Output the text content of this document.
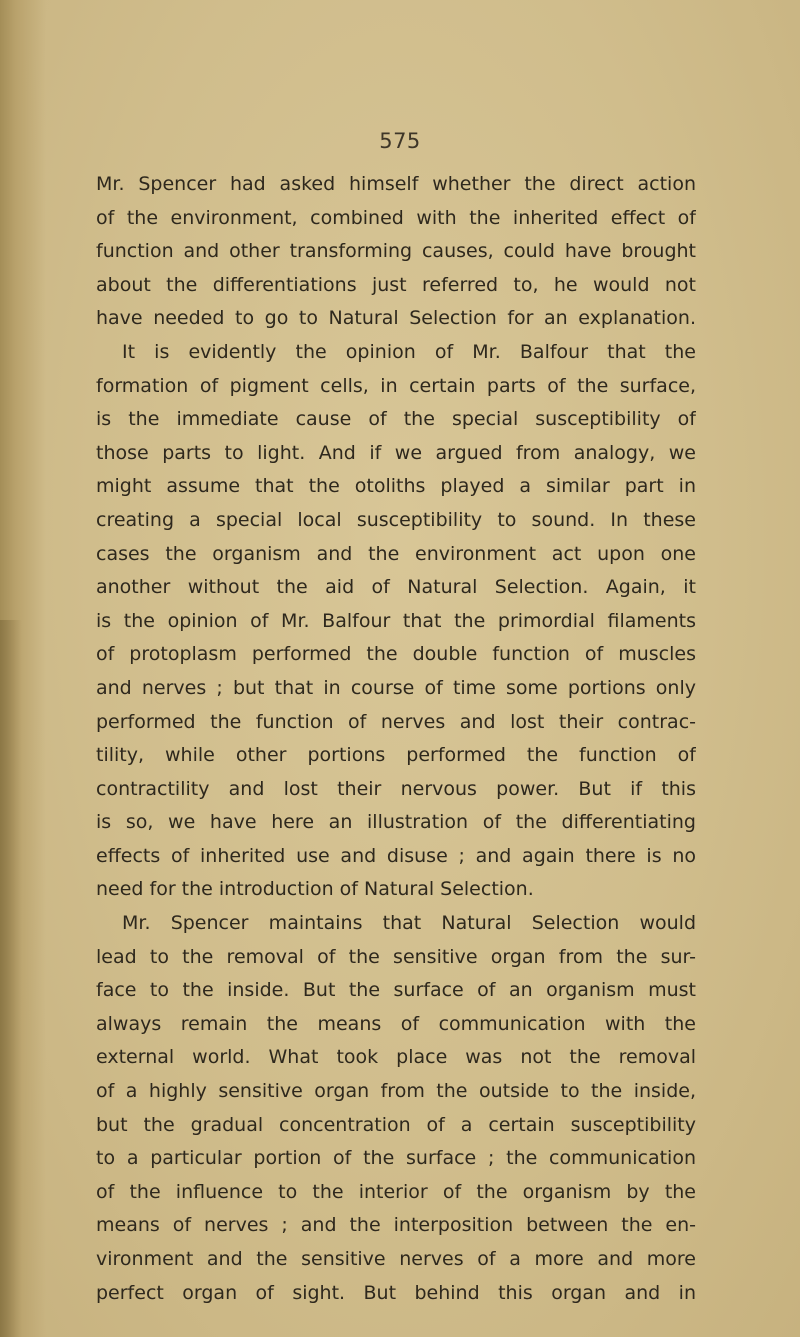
575
Mr. Spencer had asked himself whether the direct action
of the environment, combined with the inherited effect of
function and other transforming causes, could have brought
about the differentiations just referred to, he would not
have needed to go to Natural Selection for an explanation.
It is evidently the opinion of Mr. Balfour that the
formation of pigment cells, in certain parts of the surface,
is the immediate cause of the special susceptibility of
those parts to light. And if we argued from analogy, we
might assume that the otoliths played a similar part in
creating a special local susceptibility to sound. In these
cases the organism and the environment act upon one
another without the aid of Natural Selection. Again, it
is the opinion of Mr. Balfour that the primordial filaments
of protoplasm performed the double function of muscles
and nerves ; but that in course of time some portions only
performed the function of nerves and lost their contrac-
tility, while other portions performed the function of
contractility and lost their nervous power. But if this
is so, we have here an illustration of the differentiating
effects of inherited use and disuse ; and again there is no
need for the introduction of Natural Selection.
Mr. Spencer maintains that Natural Selection would
lead to the removal of the sensitive organ from the sur-
face to the inside. But the surface of an organism must
always remain the means of communication with the
external world. What took place was not the removal
of a highly sensitive organ from the outside to the inside,
but the gradual concentration of a certain susceptibility
to a particular portion of the surface ; the communication
of the influence to the interior of the organism by the
means of nerves ; and the interposition between the en-
vironment and the sensitive nerves of a more and more
perfect organ of sight. But behind this organ and in
